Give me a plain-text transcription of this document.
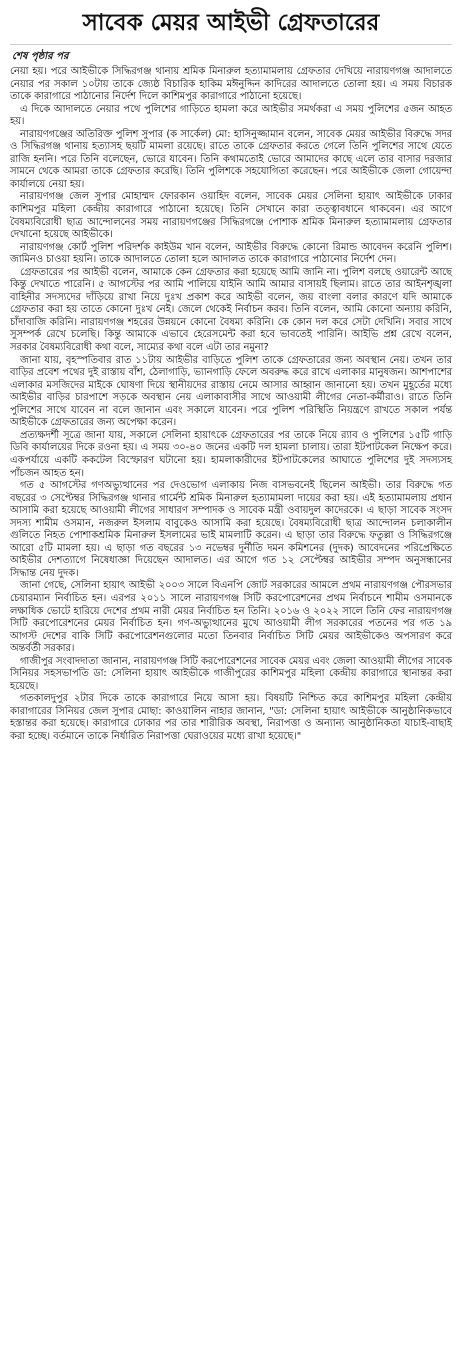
সাবেক মেয়র আইভী গ্রেফতারের
শেষ পৃষ্ঠার পর

নেয়া হয়। পরে আইভীকে সিদ্ধিরগঞ্জ থানায় শ্রমিক মিনারুল হত্যামামলায় গ্রেফতার দেখিয়ে নারায়ণগঞ্জ আদালতে নেয়ার পর সকাল ১০টায় তাকে জ্যেষ্ঠ বিচারিক হাকিম মঈনুদ্দিন কাদিরের আদালতে তোলা হয়। এ সময় বিচারক তাকে কারাগারে পাঠানোর নির্দেশ দিলে কাশিমপুর কারাগারে পাঠানো হয়েছে।

এ দিকে আদালতে নেয়ার পথে পুলিশের গাড়িতে হামলা করে আইভীর সমর্থকরা এ সময় পুলিশের ৫জন আহত হয়।

নারায়ণগঞ্জের অতিরিক্ত পুলিশ সুপার (ক সার্কেল) মো: হাসিনুজ্জামান বলেন, সাবেক মেয়র আইভীর বিরুদ্ধে সদর ও সিদ্ধিরগঞ্জ থানায় হত্যাসহ ছয়টি মামলা রয়েছে। রাতে তাকে গ্রেফতার করতে গেলে তিনি পুলিশের সাথে যেতে রাজি হননি। পরে তিনি বলেছেন, ভোরে যাবেন। তিনি কথামতোই ভোরে আমাদের কাছে এলে তার বাসার দরজার সামনে থেকে আমরা তাকে গ্রেফতার করেছি। তিনি পুলিশকে সহযোগিতা করেছেন। পরে আইভীকে জেলা গোয়েন্দা কার্যালয়ে নেয়া হয়।

নারায়ণগঞ্জ জেল সুপার মোহাম্মদ ফোরকান ওয়াহিদ বলেন, সাবেক মেয়র সেলিনা হায়াৎ আইভীকে ঢাকার কাশিমপুর মহিলা কেন্দ্রীয় কারাগারে পাঠানো হয়েছে। তিনি সেখানে কারা তত্ত্বাবধানে থাকবেন। এর আগে বৈষম্যবিরোধী ছাত্র আন্দোলনের সময় নারায়ণগঞ্জের সিদ্ধিরগঞ্জে পোশাক শ্রমিক মিনারুল হত্যামামলায় গ্রেফতার দেখানো হয়েছে আইভীকে।

নারায়ণগঞ্জ কোর্ট পুলিশ পরিদর্শক কাইউম খান বলেন, আইভীর বিরুদ্ধে কোনো রিমান্ড আবেদন করেনি পুলিশ। জামিনও চাওয়া হয়নি। তাকে আদালতে তোলা হলে আদালত তাকে কারাগারে পাঠানোর নির্দেশ দেন।

গ্রেফতারের পর আইভী বলেন, আমাকে কেন গ্রেফতার করা হয়েছে আমি জানি না। পুলিশ বলছে ওয়ারেন্ট আছে কিন্তু দেখাতে পারেনি। ৫ আগস্টের পর আমি পালিয়ে যাইনি আমি আমার বাসায়ই ছিলাম। রাতে তার আইনশৃঙ্খলা বাহিনীর সদস্যদের দাঁড়িয়ে রাখা নিয়ে দুঃখ প্রকাশ করে আইভী বলেন, জয় বাংলা বলার কারণে যদি আমাকে গ্রেফতার করা হয় তাতে কোনো দুঃখ নেই। জেলে থেকেই নির্বাচন করব। তিনি বলেন, আমি কোনো অন্যায় করিনি, চাঁদাবাজি করিনি। নারায়ণগঞ্জ শহরের উন্নয়নে কোনো বৈষম্য করিনি। কে কোন দল করে সেটা দেখিনি। সবার সাথে সুসম্পর্ক রেখে চলেছি। কিন্তু আমাকে এভাবে হেরেসমেন্ট করা হবে ভাবতেই পারিনি। আইভি প্রশ্ন রেখে বলেন, সরকার বৈষম্যবিরোধী কথা বলে, সাম্যের কথা বলে এটা তার নমুনা?

জানা যায়, বৃহস্পতিবার রাত ১১টায় আইভীর বাড়িতে পুলিশ তাকে গ্রেফতারের জন্য অবস্থান নেয়। তখন তার বাড়ির প্রবেশ পথের দুই রাস্তায় বাঁশ, ঠেলাগাড়ি, ভ্যানগাড়ি ফেলে অবরুদ্ধ করে রাখে এলাকার মানুষজন। আশপাশের এলাকার মসজিদের মাইকে ঘোষণা দিয়ে স্থানীয়দের রাস্তায় নেমে আসার আহ্বান জানানো হয়। তখন মুহূর্তের মধ্যে আইভীর বাড়ির চারপাশে সড়কে অবস্থান নেয় এলাকাবাসীর সাথে আওয়ামী লীগের নেতা-কর্মীরাও। রাতে তিনি পুলিশের সাথে যাবেন না বলে জানান এবং সকালে যাবেন। পরে পুলিশ পরিস্থিতি নিয়ন্ত্রণে রাখতে সকাল পর্যন্ত আইভীকে গ্রেফতারের জন্য অপেক্ষা করেন।

প্রত্যক্ষদর্শী সূত্রে জানা যায়, সকালে সেলিনা হায়াৎকে গ্রেফতারের পর তাকে নিয়ে র‍্যাব ও পুলিশের ১৫টি গাড়ি ডিবি কার্যালয়ের দিকে রওনা হয়। এ সময় ৩০-৪০ জনের একটি দল হামলা চালায়। তারা ইটপাটকেল নিক্ষেপ করে। একপর্যায়ে একটি ককটেল বিস্ফোরণ ঘটানো হয়। হামলাকারীদের ইটপাটকেলের আঘাতে পুলিশের দুই সদস্যসহ পাঁচজন আহত হন।

গত ৫ আগস্টের গণঅভ্যুত্থানের পর দেওভোগ এলাকায় নিজ বাসভবনেই ছিলেন আইভী। তার বিরুদ্ধে গত বছরের ৩ সেপ্টেম্বর সিদ্ধিরগঞ্জ থানার গার্মেন্ট শ্রমিক মিনারুল হত্যামামলা দায়ের করা হয়। এই হত্যামামলায় প্রধান আসামি করা হয়েছে আওয়ামী লীগের সাধারণ সম্পাদক ও সাবেক মন্ত্রী ওবায়দুল কাদেরকে। এ ছাড়া সাবেক সংসদ সদস্য শামীম ওসমান, নজরুল ইসলাম বাবুকেও আসামি করা হয়েছে। বৈষম্যবিরোধী ছাত্র আন্দোলন চলাকালীন গুলিতে নিহত পোশাকশ্রমিক মিনারুল ইসলামের ভাই মামলাটি করেন। এ ছাড়া তার বিরুদ্ধে ফতুল্লা ও সিদ্ধিরগঞ্জে আরো ৫টি মামলা হয়। এ ছাড়া গত বছরের ১৩ নভেম্বর দুর্নীতি দমন কমিশনের (দুদক) আবেদনের পরিপ্রেক্ষিতে আইভীর দেশত্যাগে নিষেধাজ্ঞা দিয়েছেন আদালত। এর আগে গত ১২ সেপ্টেম্বর আইভীর সম্পদ অনুসন্ধানের সিদ্ধান্ত নেয় দুদক।

জানা গেছে, সেলিনা হায়াৎ আইভী ২০০৩ সালে বিএনপি জোট সরকারের আমলে প্রথম নারায়ণগঞ্জ পৌরসভার চেয়ারম্যান নির্বাচিত হন। এরপর ২০১১ সালে নারায়ণগঞ্জ সিটি করপোরেশনের প্রথম নির্বাচনে শামীম ওসমানকে লক্ষাধিক ভোটে হারিয়ে দেশের প্রথম নারী মেয়র নির্বাচিত হন তিনি। ২০১৬ ও ২০২২ সালে তিনি ফের নারায়ণগঞ্জ সিটি করপোরেশনের মেয়র নির্বাচিত হন। গণ-অভ্যুত্থানের মুখে আওয়ামী লীগ সরকারের পতনের পর গত ১৯ আগস্ট দেশের বাকি সিটি করপোরেশনগুলোর মতো তিনবার নির্বাচিত সিটি মেয়র আইভীকেও অপসারণ করে অন্তর্বর্তী সরকার।

গাজীপুর সংবাদদাতা জানান, নারায়ণগঞ্জ সিটি করপোরেশনের সাবেক মেয়র এবং জেলা আওয়ামী লীগের সাবেক সিনিয়র সহসভাপতি ডা: সেলিনা হায়াৎ আইভীকে গাজীপুরের কাশিমপুর মহিলা কেন্দ্রীয় কারাগারে স্থানান্তর করা হয়েছে।

গতকালদুপুর ২টার দিকে তাকে কারাগারে নিয়ে আসা হয়। বিষয়টি নিশ্চিত করে কাশিমপুর মহিলা কেন্দ্রীয় কারাগারের সিনিয়র জেল সুপার মোছা: কাওয়ালিন নাহার জানান, "ডা: সেলিনা হায়াৎ আইভীকে আনুষ্ঠানিকভাবে হস্তান্তর করা হয়েছে। কারাগারে ঢোকার পর তার শারীরিক অবস্থা, নিরাপত্তা ও অন্যান্য আনুষ্ঠানিকতা যাচাই-বাছাই করা হচ্ছে। বর্তমানে তাকে নির্ধারিত নিরাপত্তা ঘেরাওয়ের মধ্যে রাখা হয়েছে।"
